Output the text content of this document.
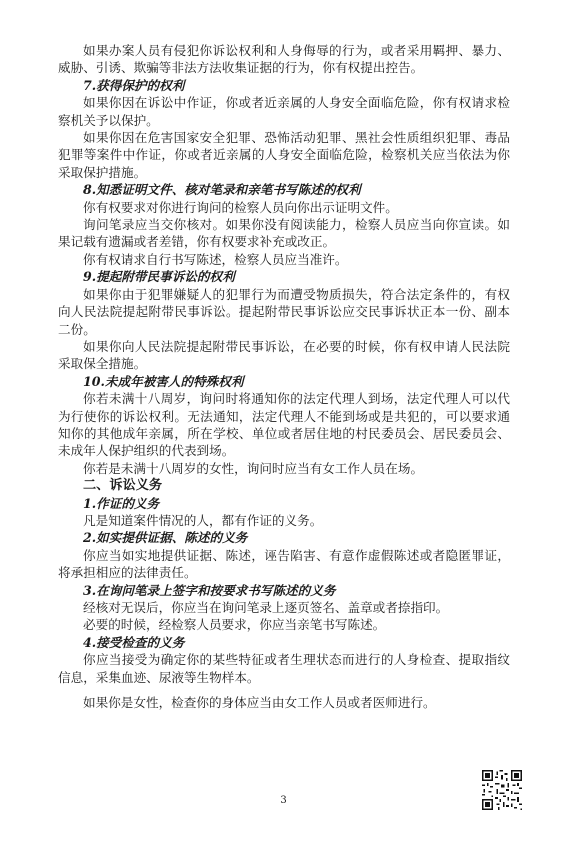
如果办案人员有侵犯你诉讼权利和人身侮辱的行为，或者采用羁押、暴力、威胁、引诱、欺骗等非法方法收集证据的行为，你有权提出控告。

7.获得保护的权利

如果你因在诉讼中作证，你或者近亲属的人身安全面临危险，你有权请求检察机关予以保护。

如果你因在危害国家安全犯罪、恐怖活动犯罪、黑社会性质组织犯罪、毒品犯罪等案件中作证，你或者近亲属的人身安全面临危险，检察机关应当依法为你采取保护措施。

8.知悉证明文件、核对笔录和亲笔书写陈述的权利

你有权要求对你进行询问的检察人员向你出示证明文件。

询问笔录应当交你核对。如果你没有阅读能力，检察人员应当向你宣读。如果记载有遗漏或者差错，你有权要求补充或改正。

你有权请求自行书写陈述，检察人员应当准许。

9.提起附带民事诉讼的权利

如果你由于犯罪嫌疑人的犯罪行为而遭受物质损失，符合法定条件的，有权向人民法院提起附带民事诉讼。提起附带民事诉讼应交民事诉状正本一份、副本二份。

如果你向人民法院提起附带民事诉讼，在必要的时候，你有权申请人民法院采取保全措施。

10.未成年被害人的特殊权利

你若未满十八周岁，询问时将通知你的法定代理人到场，法定代理人可以代为行使你的诉讼权利。无法通知，法定代理人不能到场或是共犯的，可以要求通知你的其他成年亲属，所在学校、单位或者居住地的村民委员会、居民委员会、未成年人保护组织的代表到场。

你若是未满十八周岁的女性，询问时应当有女工作人员在场。

二、诉讼义务

1.作证的义务

凡是知道案件情况的人，都有作证的义务。

2.如实提供证据、陈述的义务

你应当如实地提供证据、陈述，诬告陷害、有意作虚假陈述或者隐匿罪证，将承担相应的法律责任。

3.在询问笔录上签字和按要求书写陈述的义务

经核对无误后，你应当在询问笔录上逐页签名、盖章或者捺指印。

必要的时候，经检察人员要求，你应当亲笔书写陈述。

4.接受检查的义务

你应当接受为确定你的某些特征或者生理状态而进行的人身检查、提取指纹信息，采集血迹、尿液等生物样本。

如果你是女性，检查你的身体应当由女工作人员或者医师进行。

3
